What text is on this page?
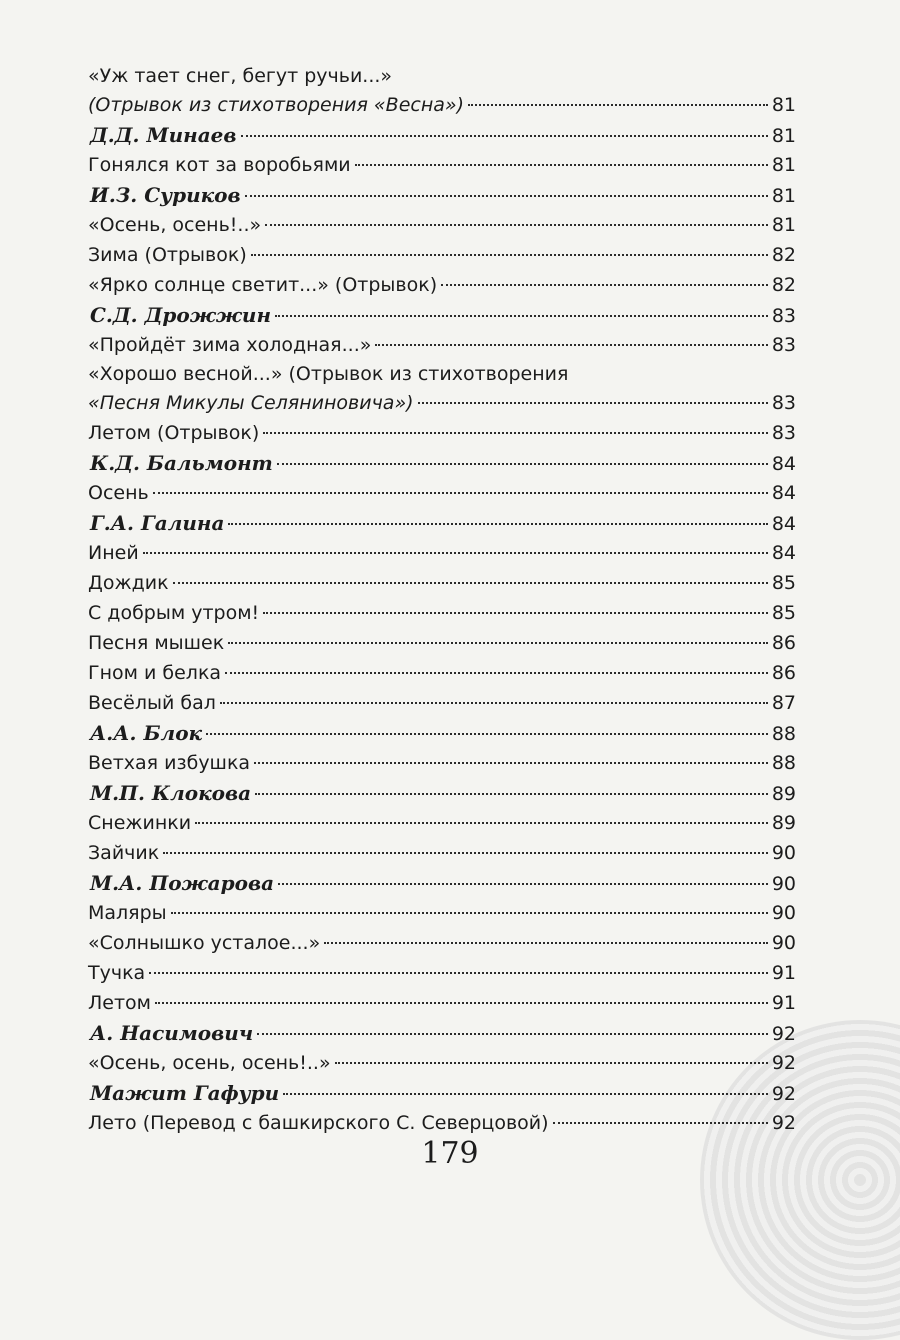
«Уж тает снег, бегут ручьи...»
(Отрывок из стихотворения «Весна»)	81
Д.Д. Минаев	81
Гонялся кот за воробьями	81
И.З. Суриков	81
«Осень, осень!..»	81
Зима (Отрывок)	82
«Ярко солнце светит...» (Отрывок)	82
С.Д. Дрожжин	83
«Пройдёт зима холодная...»	83
«Хорошо весной...» (Отрывок из стихотворения
«Песня Микулы Селяниновича»)	83
Летом (Отрывок)	83
К.Д. Бальмонт	84
Осень	84
Г.А. Галина	84
Иней	84
Дождик	85
С добрым утром!	85
Песня мышек	86
Гном и белка	86
Весёлый бал	87
А.А. Блок	88
Ветхая избушка	88
М.П. Клокова	89
Снежинки	89
Зайчик	90
М.А. Пожарова	90
Маляры	90
«Солнышко усталое...»	90
Тучка	91
Летом	91
А. Насимович	92
«Осень, осень, осень!..»	92
Мажит Гафури	92
Лето (Перевод с башкирского С. Северцовой)	92
179
